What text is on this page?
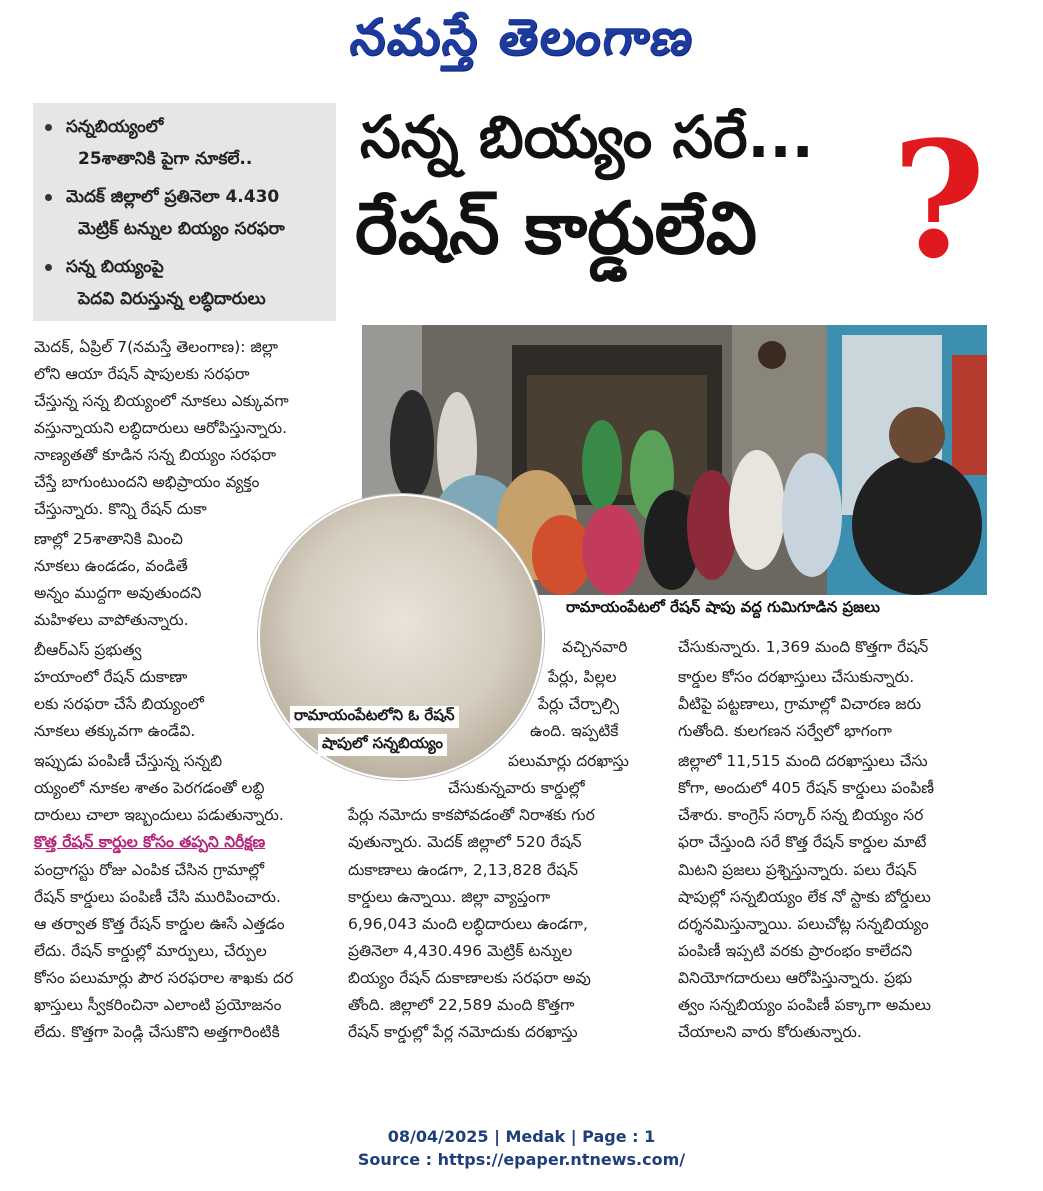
నమస్తే తెలంగాణ
సన్నబియ్యంలో
25శాతానికి పైగా నూకలే..
మెదక్ జిల్లాలో ప్రతినెలా 4.430
మెట్రిక్ టన్నుల బియ్యం సరఫరా
సన్న బియ్యంపై
పెదవి విరుస్తున్న లబ్ధిదారులు
సన్న బియ్యం సరే...
రేషన్ కార్డులేవి ?
రామాయంపేటలో రేషన్ షాపు వద్ద గుమిగూడిన ప్రజలు
రామాయంపేటలోని ఓ రేషన్
షాపులో సన్నబియ్యం
మెదక్, ఏప్రిల్ 7(నమస్తే తెలంగాణ): జిల్లా
లోని ఆయా రేషన్ షాపులకు సరఫరా
చేస్తున్న సన్న బియ్యంలో నూకలు ఎక్కువగా
వస్తున్నాయని లబ్ధిదారులు ఆరోపిస్తున్నారు.
నాణ్యతతో కూడిన సన్న బియ్యం సరఫరా
చేస్తే బాగుంటుందని అభిప్రాయం వ్యక్తం
చేస్తున్నారు. కొన్ని రేషన్ దుకా
ణాల్లో 25శాతానికి మించి
నూకలు ఉండడం, వండితే
అన్నం ముద్దగా అవుతుందని
మహిళలు వాపోతున్నారు.
బీఆర్ఎస్ ప్రభుత్వ
హయాంలో రేషన్ దుకాణా
లకు సరఫరా చేసే బియ్యంలో
నూకలు తక్కువగా ఉండేవి.
ఇప్పుడు పంపిణీ చేస్తున్న సన్నబి
య్యంలో నూకల శాతం పెరగడంతో లబ్ధి
దారులు చాలా ఇబ్బందులు పడుతున్నారు.
కొత్త రేషన్ కార్డుల కోసం తప్పని నిరీక్షణ
పంద్రాగస్టు రోజు ఎంపిక చేసిన గ్రామాల్లో
రేషన్ కార్డులు పంపిణీ చేసి మురిపించారు.
ఆ తర్వాత కొత్త రేషన్ కార్డుల ఊసే ఎత్తడం
లేదు. రేషన్ కార్డుల్లో మార్పులు, చేర్పుల
కోసం పలుమార్లు పౌర సరఫరాల శాఖకు దర
ఖాస్తులు స్వీకరించినా ఎలాంటి ప్రయోజనం
లేదు. కొత్తగా పెండ్లి చేసుకొని అత్తగారింటికి
వచ్చినవారి
పేర్లు, పిల్లల
పేర్లు చేర్చాల్సి
ఉంది. ఇప్పటికే
పలుమార్లు దరఖాస్తు
చేసుకున్నవారు కార్డుల్లో
పేర్లు నమోదు కాకపోవడంతో నిరాశకు గుర
వుతున్నారు. మెదక్ జిల్లాలో 520 రేషన్
దుకాణాలు ఉండగా, 2,13,828 రేషన్
కార్డులు ఉన్నాయి. జిల్లా వ్యాప్తంగా
6,96,043 మంది లబ్ధిదారులు ఉండగా,
ప్రతినెలా 4,430.496 మెట్రిక్ టన్నుల
బియ్యం రేషన్ దుకాణాలకు సరఫరా అవు
తోంది. జిల్లాలో 22,589 మంది కొత్తగా
రేషన్ కార్డుల్లో పేర్ల నమోదుకు దరఖాస్తు
చేసుకున్నారు. 1,369 మంది కొత్తగా రేషన్
కార్డుల కోసం దరఖాస్తులు చేసుకున్నారు.
వీటిపై పట్టణాలు, గ్రామాల్లో విచారణ జరు
గుతోంది. కులగణన సర్వేలో భాగంగా
జిల్లాలో 11,515 మంది దరఖాస్తులు చేసు
కోగా, అందులో 405 రేషన్ కార్డులు పంపిణీ
చేశారు. కాంగ్రెస్ సర్కార్ సన్న బియ్యం సర
ఫరా చేస్తుంది సరే కొత్త రేషన్ కార్డుల మాటే
మిటని ప్రజలు ప్రశ్నిస్తున్నారు. పలు రేషన్
షాపుల్లో సన్నబియ్యం లేక నో స్టాకు బోర్డులు
దర్శనమిస్తున్నాయి. పలుచోట్ల సన్నబియ్యం
పంపిణీ ఇప్పటి వరకు ప్రారంభం కాలేదని
వినియోగదారులు ఆరోపిస్తున్నారు. ప్రభు
త్వం సన్నబియ్యం పంపిణీ పక్కాగా అమలు
చేయాలని వారు కోరుతున్నారు.
08/04/2025 | Medak | Page : 1
Source : https://epaper.ntnews.com/
